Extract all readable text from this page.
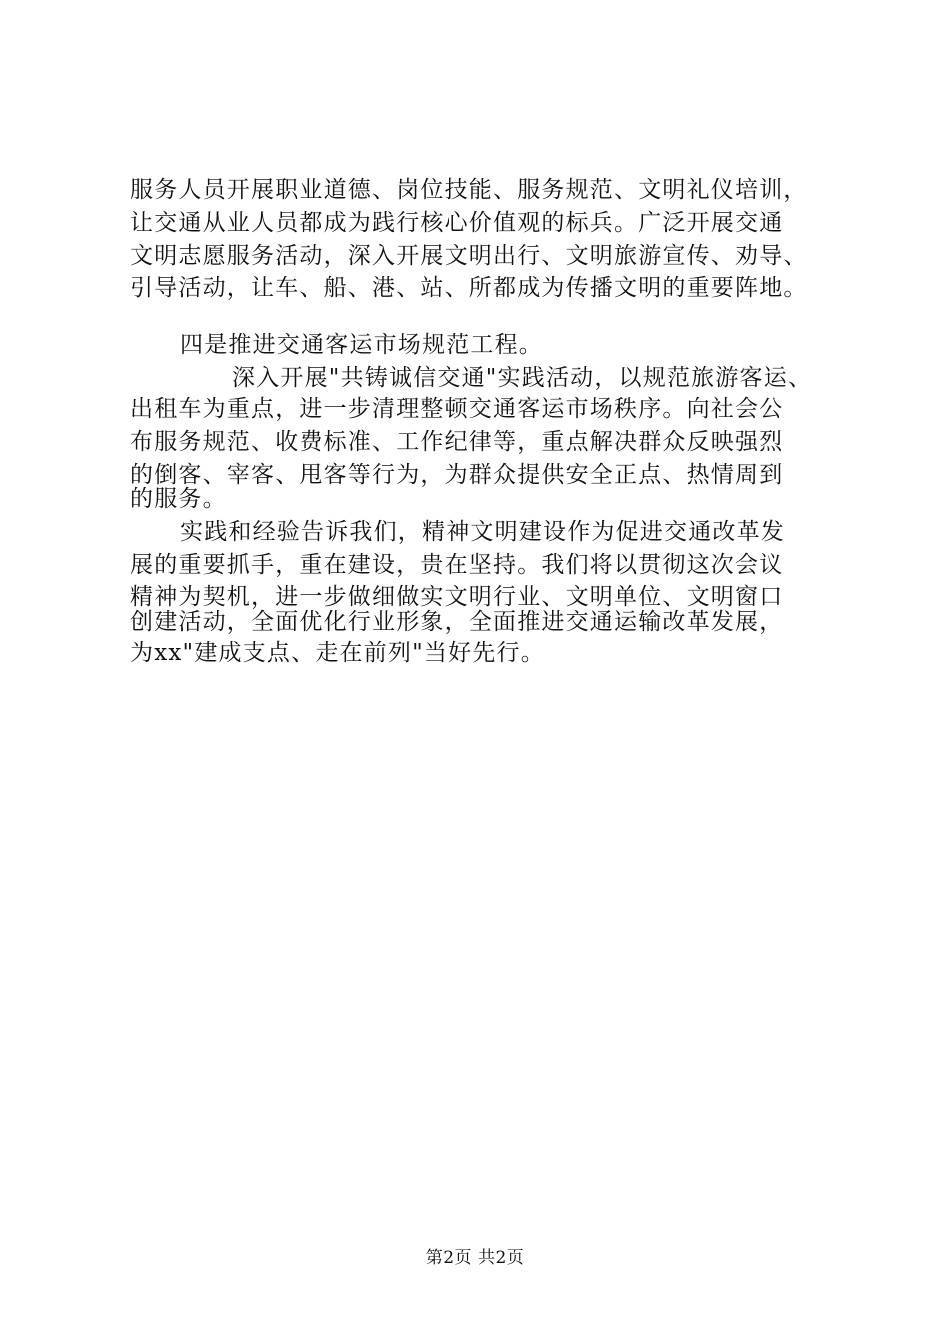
服务人员开展职业道德、岗位技能、服务规范、文明礼仪培训，
让交通从业人员都成为践行核心价值观的标兵。广泛开展交通
文明志愿服务活动，深入开展文明出行、文明旅游宣传、劝导、
引导活动，让车、船、港、站、所都成为传播文明的重要阵地。
四是推进交通客运市场规范工程。
深入开展"共铸诚信交通"实践活动，以规范旅游客运、
出租车为重点，进一步清理整顿交通客运市场秩序。向社会公
布服务规范、收费标准、工作纪律等，重点解决群众反映强烈
的倒客、宰客、甩客等行为，为群众提供安全正点、热情周到
的服务。
实践和经验告诉我们，精神文明建设作为促进交通改革发
展的重要抓手，重在建设，贵在坚持。我们将以贯彻这次会议
精神为契机，进一步做细做实文明行业、文明单位、文明窗口
创建活动，全面优化行业形象，全面推进交通运输改革发展，
为xx"建成支点、走在前列"当好先行。
第2页 共2页
